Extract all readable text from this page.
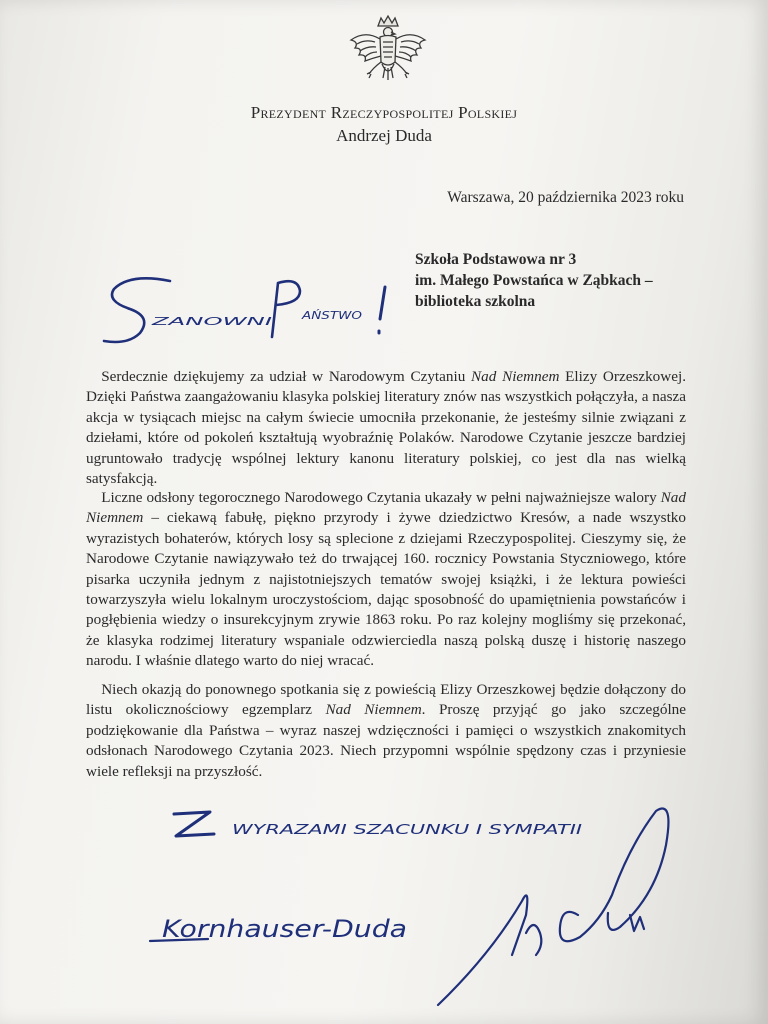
Prezydent Rzeczypospolitej Polskiej
Andrzej Duda
Warszawa, 20 października 2023 roku
Szkoła Podstawowa nr 3
im. Małego Powstańca w Ząbkach –
biblioteka szkolna
ZANOWNI	AŃSTWO
Szanowni Państwo!
 Serdecznie dziękujemy za udział w Narodowym Czytaniu Nad Niemnem Elizy Orzeszkowej. Dzięki Państwa zaangażowaniu klasyka polskiej literatury znów nas wszystkich połączyła, a nasza akcja w tysiącach miejsc na całym świecie umocniła przekonanie, że jesteśmy silnie związani z dziełami, które od pokoleń kształtują wyobraźnię Polaków. Narodowe Czytanie jeszcze bardziej ugruntowało tradycję wspólnej lektury kanonu literatury polskiej, co jest dla nas wielką satysfakcją.
 Liczne odsłony tegorocznego Narodowego Czytania ukazały w pełni najważniejsze walory Nad Niemnem – ciekawą fabułę, piękno przyrody i żywe dziedzictwo Kresów, a nade wszystko wyrazistych bohaterów, których losy są splecione z dziejami Rzeczypospolitej. Cieszymy się, że Narodowe Czytanie nawiązywało też do trwającej 160. rocznicy Powstania Styczniowego, które pisarka uczyniła jednym z najistotniejszych tematów swojej książki, i że lektura powieści towarzyszyła wielu lokalnym uroczystościom, dając sposobność do upamiętnienia powstańców i pogłębienia wiedzy o insurekcyjnym zrywie 1863 roku. Po raz kolejny mogliśmy się przekonać, że klasyka rodzimej literatury wspaniale odzwierciedla naszą polską duszę i historię naszego narodu. I właśnie dlatego warto do niej wracać.
 Niech okazją do ponownego spotkania się z powieścią Elizy Orzeszkowej będzie dołączony do listu okolicznościowy egzemplarz Nad Niemnem. Proszę przyjąć go jako szczególne podziękowanie dla Państwa – wyraz naszej wdzięczności i pamięci o wszystkich znakomitych odsłonach Narodowego Czytania 2023. Niech przypomni wspólnie spędzony czas i przyniesie wiele refleksji na przyszłość.
WYRAZAMI SZACUNKU I SYMPATII
Z wyrazami szacunku i sympatii
Kornhauser-Duda
